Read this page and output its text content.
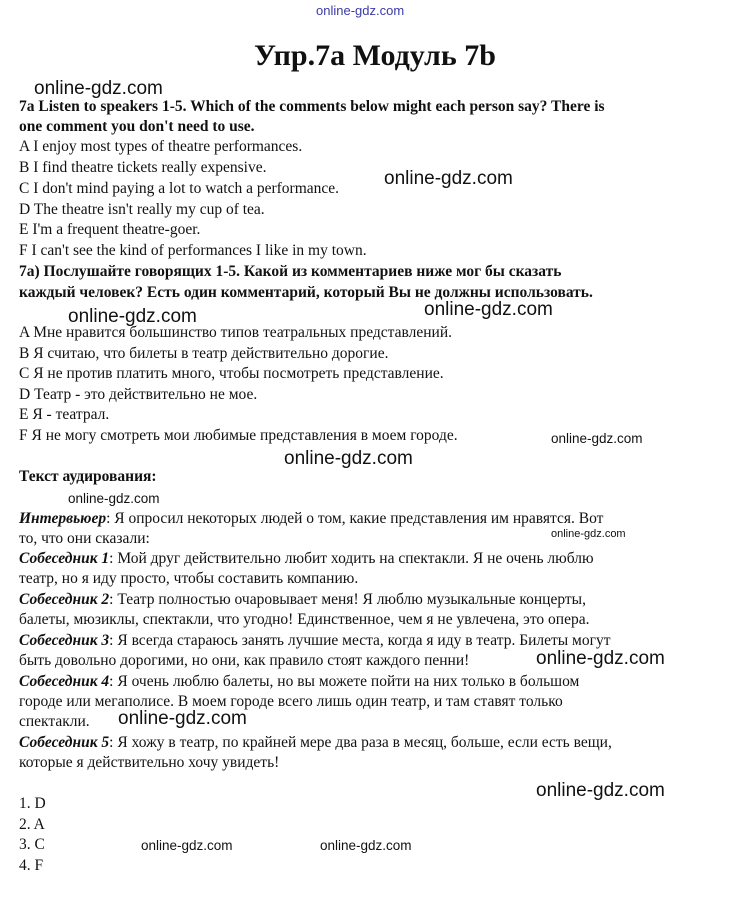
online-gdz.com
online-gdz.com
online-gdz.com
online-gdz.com	online-gdz.com
online-gdz.com
online-gdz.com
online-gdz.com
online-gdz.com
online-gdz.com
online-gdz.com
online-gdz.com
online-gdz.com	online-gdz.com
Упр.7а Модуль 7b
7a Listen to speakers 1-5. Which of the comments below might each person say? There is
one comment you don't need to use.
A I enjoy most types of theatre performances.
B I find theatre tickets really expensive.
C I don't mind paying a lot to watch a performance.
D The theatre isn't really my cup of tea.
E I'm a frequent theatre-goer.
F I can't see the kind of performances I like in my town.
7а) Послушайте говорящих 1-5. Какой из комментариев ниже мог бы сказать
каждый человек? Есть один комментарий, который Вы не должны использовать.
A Мне нравится большинство типов театральных представлений.
B Я считаю, что билеты в театр действительно дорогие.
C Я не против платить много, чтобы посмотреть представление.
D Театр - это действительно не мое.
E Я - театрал.
F Я не могу смотреть мои любимые представления в моем городе.
Текст аудирования:
Интервьюер: Я опросил некоторых людей о том, какие представления им нравятся. Вот
то, что они сказали:
Собеседник 1: Мой друг действительно любит ходить на спектакли. Я не очень люблю
театр, но я иду просто, чтобы составить компанию.
Собеседник 2: Театр полностью очаровывает меня! Я люблю музыкальные концерты,
балеты, мюзиклы, спектакли, что угодно! Единственное, чем я не увлечена, это опера.
Собеседник 3: Я всегда стараюсь занять лучшие места, когда я иду в театр. Билеты могут
быть довольно дорогими, но они, как правило стоят каждого пенни!
Собеседник 4: Я очень люблю балеты, но вы можете пойти на них только в большом
городе или мегаполисе. В моем городе всего лишь один театр, и там ставят только
спектакли.
Собеседник 5: Я хожу в театр, по крайней мере два раза в месяц, больше, если есть вещи,
которые я действительно хочу увидеть!
1. D
2. A
3. C
4. F
